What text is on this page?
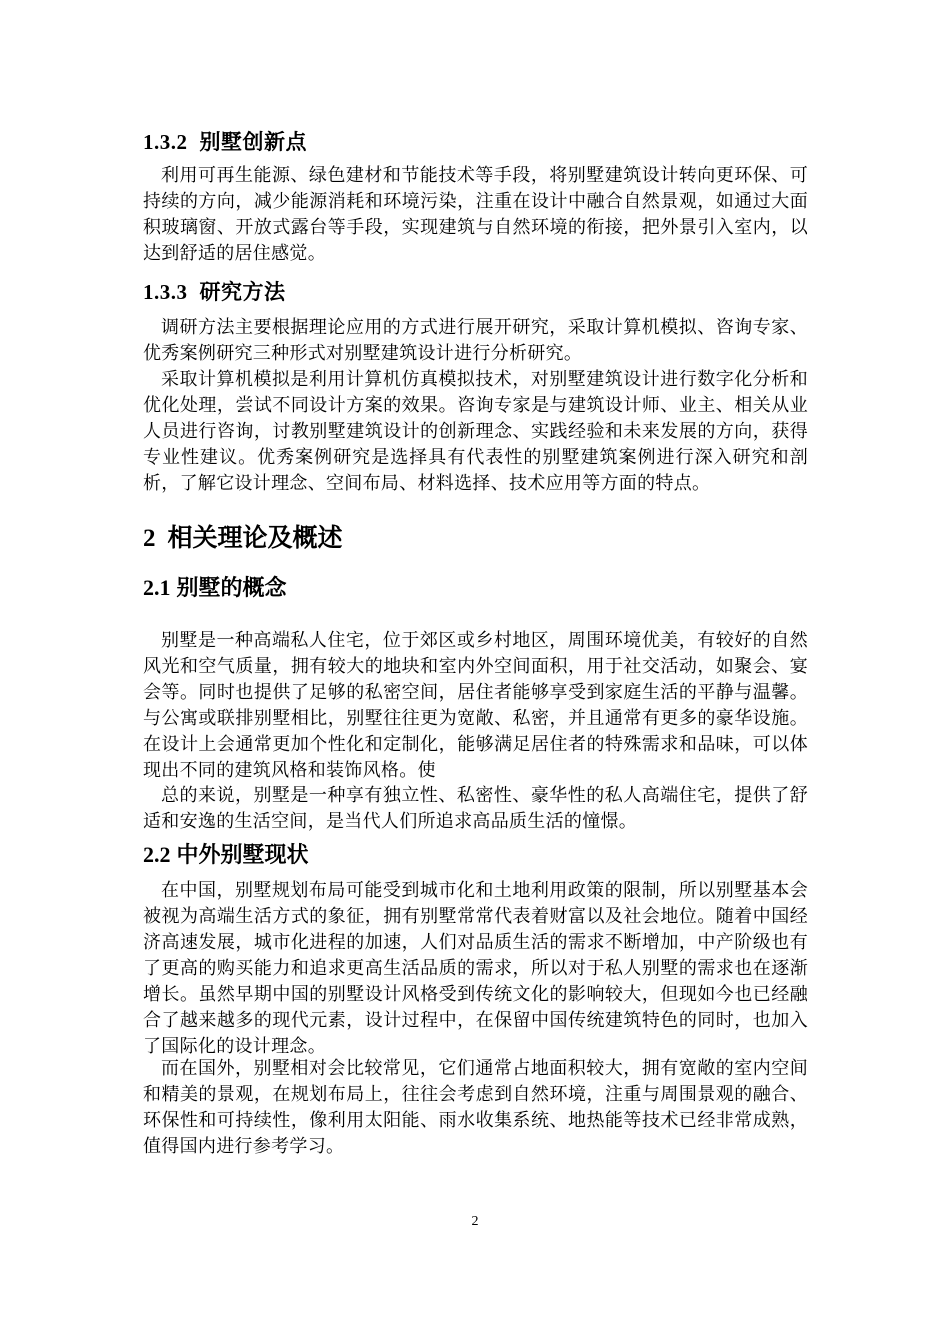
1.3.2 别墅创新点

利用可再生能源、绿色建材和节能技术等手段，将别墅建筑设计转向更环保、可持续的方向，减少能源消耗和环境污染，注重在设计中融合自然景观，如通过大面积玻璃窗、开放式露台等手段，实现建筑与自然环境的衔接，把外景引入室内，以达到舒适的居住感觉。

1.3.3 研究方法

调研方法主要根据理论应用的方式进行展开研究，采取计算机模拟、咨询专家、优秀案例研究三种形式对别墅建筑设计进行分析研究。

采取计算机模拟是利用计算机仿真模拟技术，对别墅建筑设计进行数字化分析和优化处理，尝试不同设计方案的效果。咨询专家是与建筑设计师、业主、相关从业人员进行咨询，讨教别墅建筑设计的创新理念、实践经验和未来发展的方向，获得专业性建议。优秀案例研究是选择具有代表性的别墅建筑案例进行深入研究和剖析，了解它设计理念、空间布局、材料选择、技术应用等方面的特点。

2 相关理论及概述
2.1 别墅的概念

别墅是一种高端私人住宅，位于郊区或乡村地区，周围环境优美，有较好的自然风光和空气质量，拥有较大的地块和室内外空间面积，用于社交活动，如聚会、宴会等。同时也提供了足够的私密空间，居住者能够享受到家庭生活的平静与温馨。与公寓或联排别墅相比，别墅往往更为宽敞、私密，并且通常有更多的豪华设施。在设计上会通常更加个性化和定制化，能够满足居住者的特殊需求和品味，可以体现出不同的建筑风格和装饰风格。使

总的来说，别墅是一种享有独立性、私密性、豪华性的私人高端住宅，提供了舒适和安逸的生活空间，是当代人们所追求高品质生活的憧憬。

2.2 中外别墅现状

在中国，别墅规划布局可能受到城市化和土地利用政策的限制，所以别墅基本会被视为高端生活方式的象征，拥有别墅常常代表着财富以及社会地位。随着中国经济高速发展，城市化进程的加速，人们对品质生活的需求不断增加，中产阶级也有了更高的购买能力和追求更高生活品质的需求，所以对于私人别墅的需求也在逐渐增长。虽然早期中国的别墅设计风格受到传统文化的影响较大，但现如今也已经融合了越来越多的现代元素，设计过程中，在保留中国传统建筑特色的同时，也加入了国际化的设计理念。

而在国外，别墅相对会比较常见，它们通常占地面积较大，拥有宽敞的室内空间和精美的景观，在规划布局上，往往会考虑到自然环境，注重与周围景观的融合、环保性和可持续性，像利用太阳能、雨水收集系统、地热能等技术已经非常成熟，值得国内进行参考学习。

2
